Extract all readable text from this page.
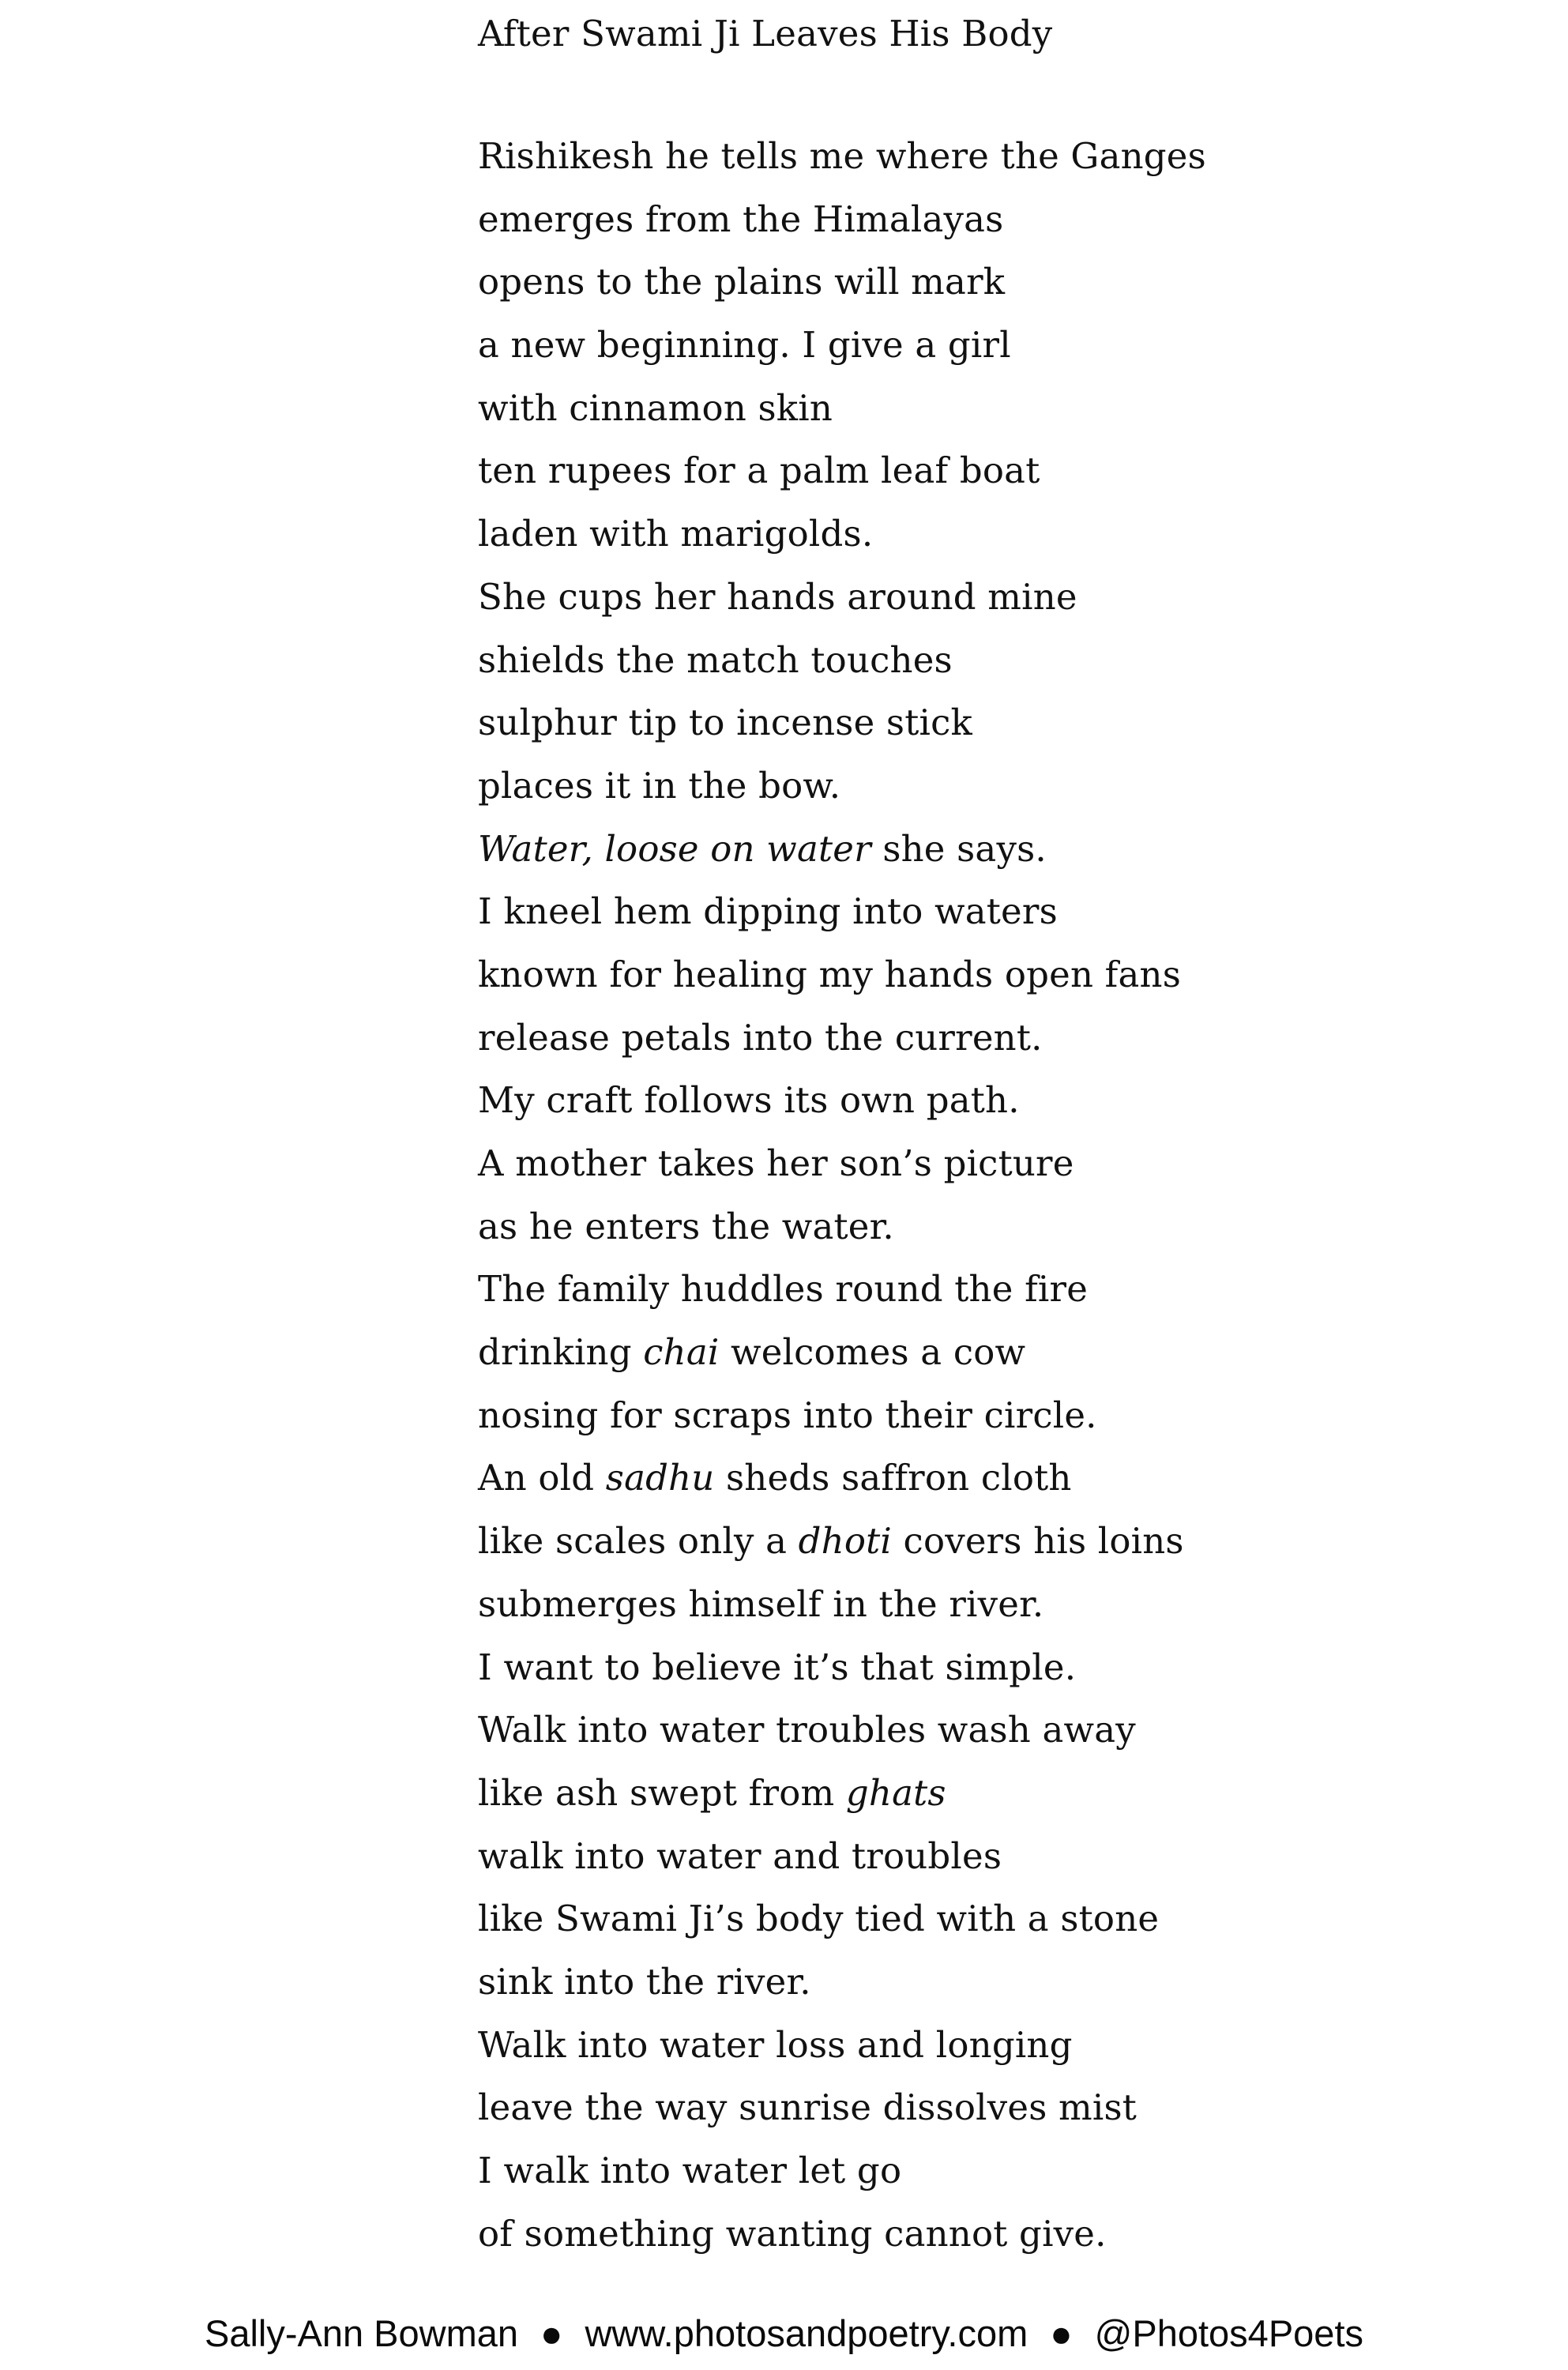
After Swami Ji Leaves His Body
Rishikesh he tells me where the Ganges
emerges from the Himalayas
opens to the plains will mark
a new beginning. I give a girl
with cinnamon skin
ten rupees for a palm leaf boat
laden with marigolds.
She cups her hands around mine
shields the match touches
sulphur tip to incense stick
places it in the bow.
Water, loose on water she says.
I kneel hem dipping into waters
known for healing my hands open fans
release petals into the current.
My craft follows its own path.
A mother takes her son’s picture
as he enters the water.
The family huddles round the fire
drinking chai welcomes a cow
nosing for scraps into their circle.
An old sadhu sheds saffron cloth
like scales only a dhoti covers his loins
submerges himself in the river.
I want to believe it’s that simple.
Walk into water troubles wash away
like ash swept from ghats
walk into water and troubles
like Swami Ji’s body tied with a stone
sink into the river.
Walk into water loss and longing
leave the way sunrise dissolves mist
I walk into water let go
of something wanting cannot give.
Sally-Ann Bowman ● www.photosandpoetry.com ● @Photos4Poets
